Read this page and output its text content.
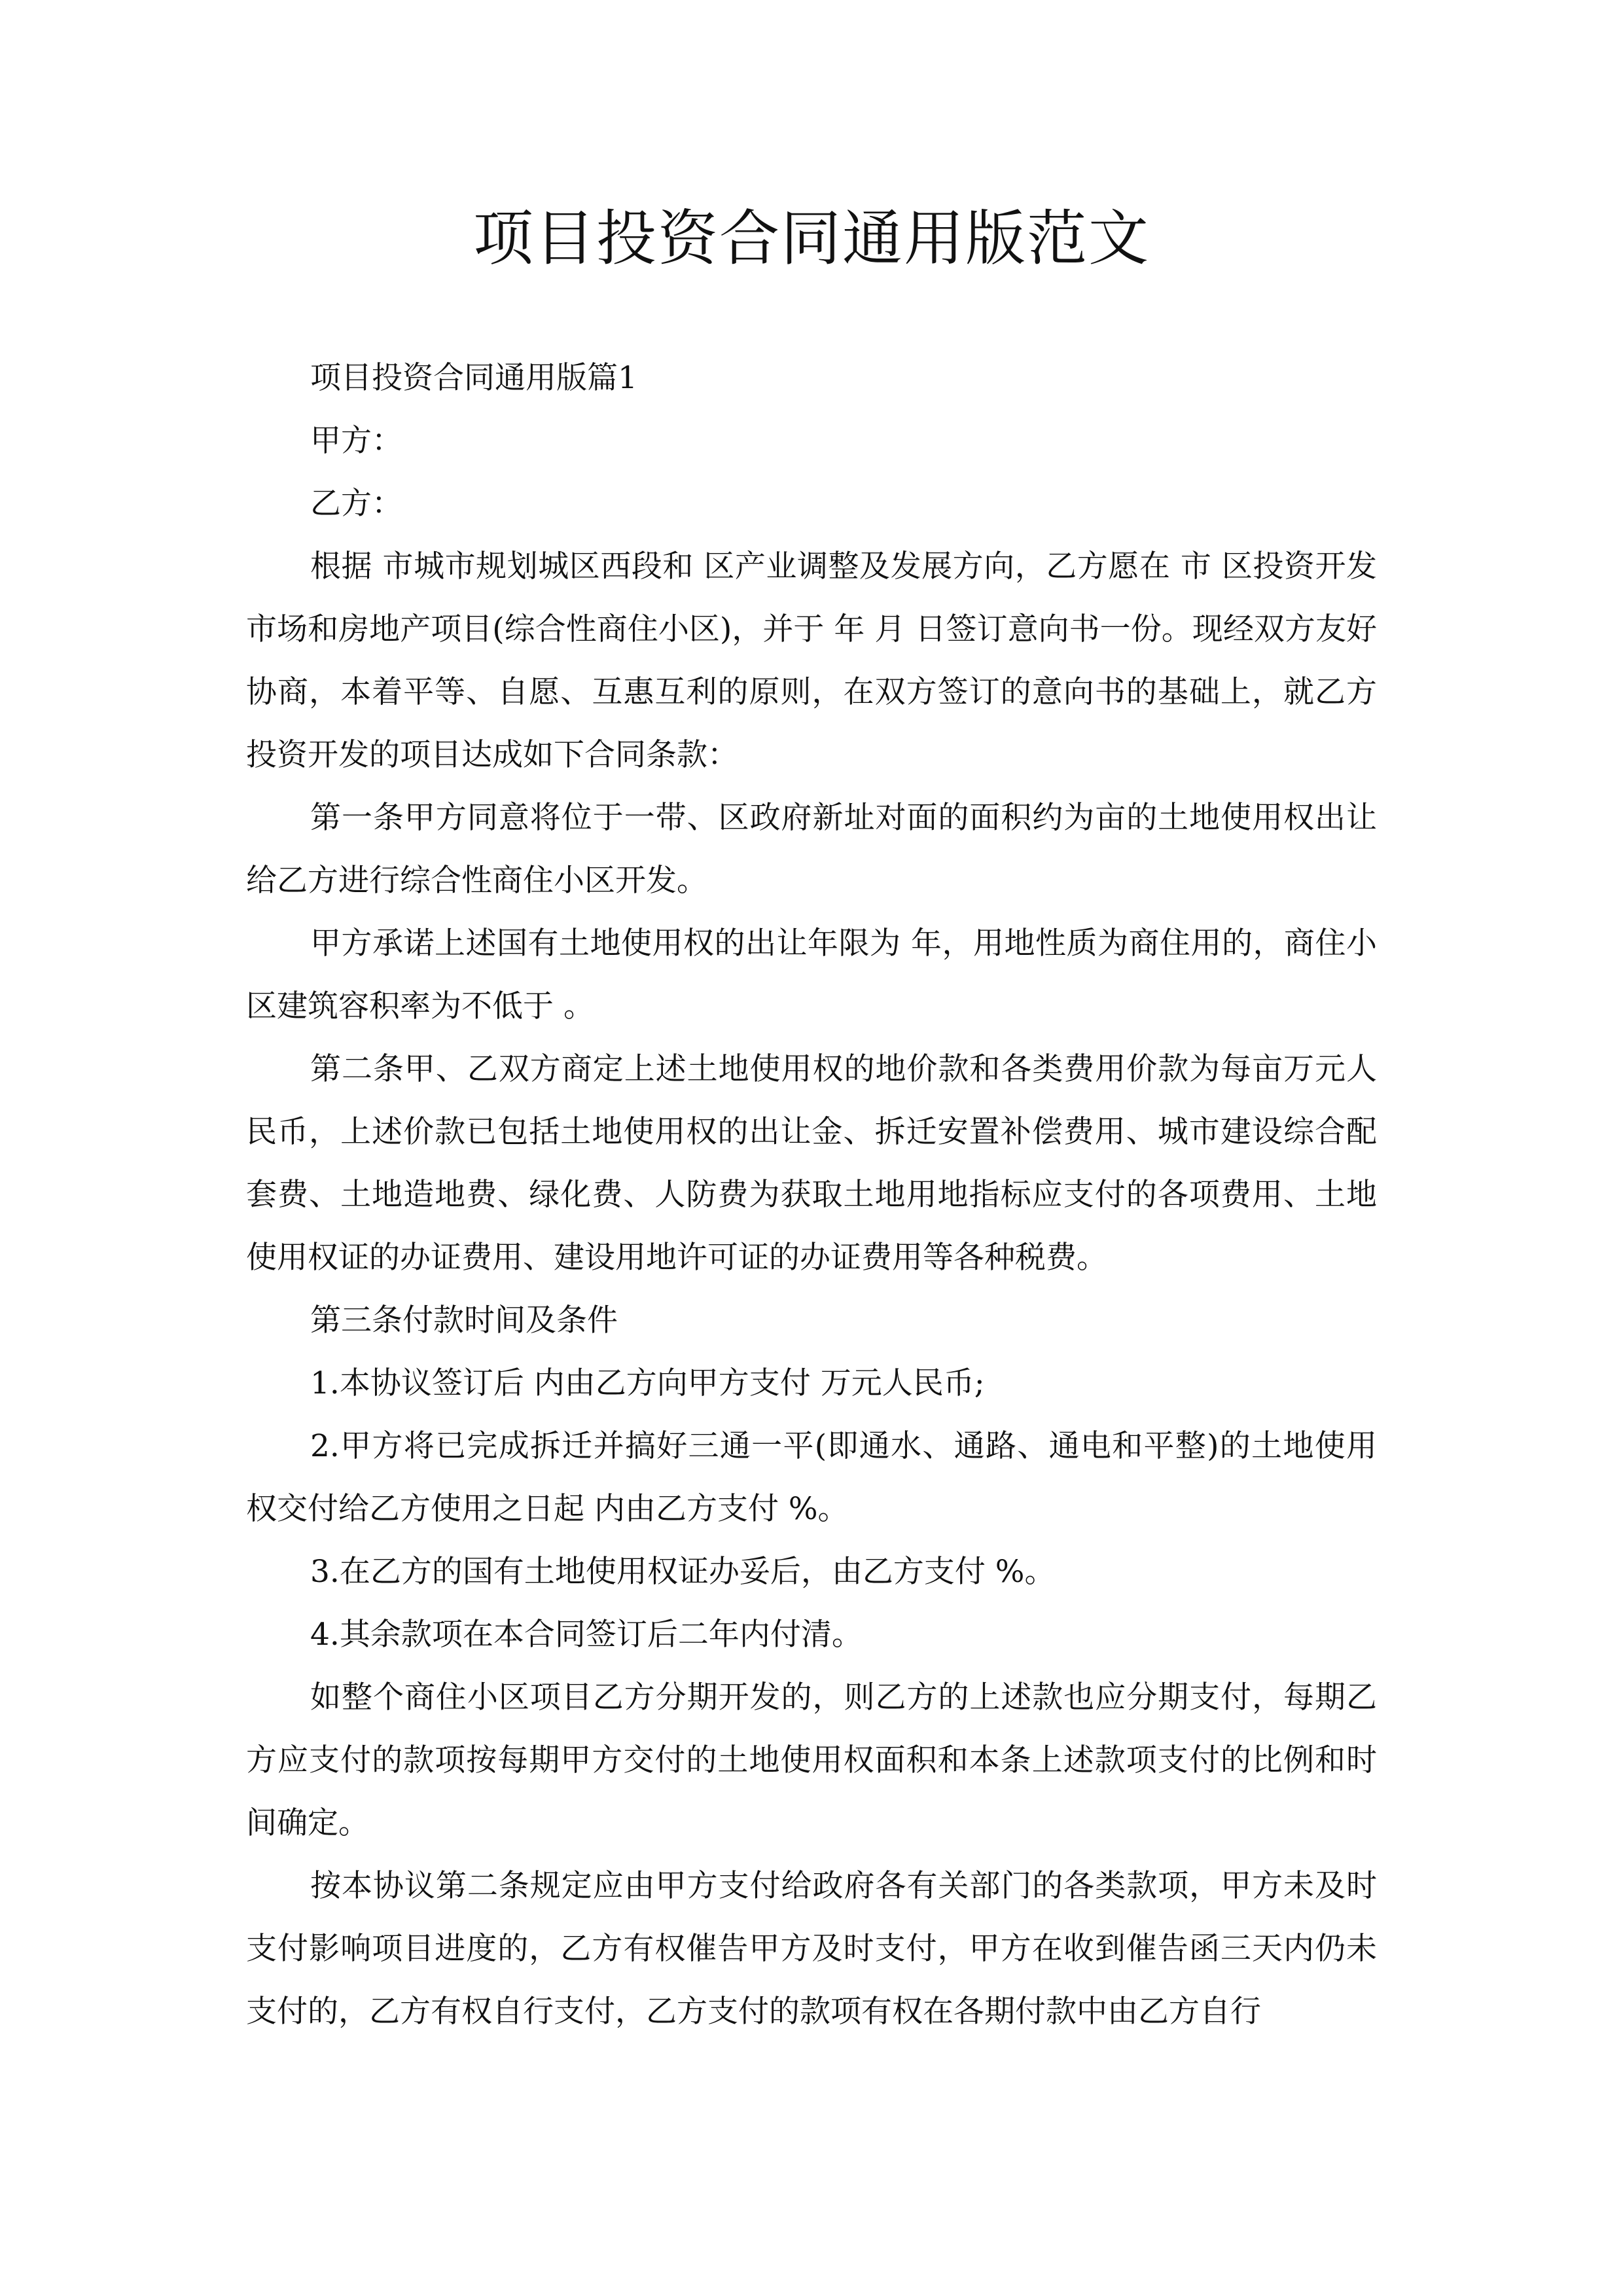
项目投资合同通用版范文

项目投资合同通用版篇1

甲方：

乙方：

根据 市城市规划城区西段和 区产业调整及发展方向，乙方愿在 市 区投资开发市场和房地产项目(综合性商住小区)，并于 年 月 日签订意向书一份。现经双方友好协商，本着平等、自愿、互惠互利的原则，在双方签订的意向书的基础上，就乙方投资开发的项目达成如下合同条款：

第一条甲方同意将位于一带、区政府新址对面的面积约为亩的土地使用权出让给乙方进行综合性商住小区开发。

甲方承诺上述国有土地使用权的出让年限为 年，用地性质为商住用的，商住小区建筑容积率为不低于 。

第二条甲、乙双方商定上述土地使用权的地价款和各类费用价款为每亩万元人民币，上述价款已包括土地使用权的出让金、拆迁安置补偿费用、城市建设综合配套费、土地造地费、绿化费、人防费为获取土地用地指标应支付的各项费用、土地使用权证的办证费用、建设用地许可证的办证费用等各种税费。

第三条付款时间及条件

1.本协议签订后 内由乙方向甲方支付 万元人民币;

2.甲方将已完成拆迁并搞好三通一平(即通水、通路、通电和平整)的土地使用权交付给乙方使用之日起 内由乙方支付 %。

3.在乙方的国有土地使用权证办妥后，由乙方支付 %。

4.其余款项在本合同签订后二年内付清。

如整个商住小区项目乙方分期开发的，则乙方的上述款也应分期支付，每期乙方应支付的款项按每期甲方交付的土地使用权面积和本条上述款项支付的比例和时间确定。

按本协议第二条规定应由甲方支付给政府各有关部门的各类款项，甲方未及时支付影响项目进度的，乙方有权催告甲方及时支付，甲方在收到催告函三天内仍未支付的，乙方有权自行支付，乙方支付的款项有权在各期付款中由乙方自行
